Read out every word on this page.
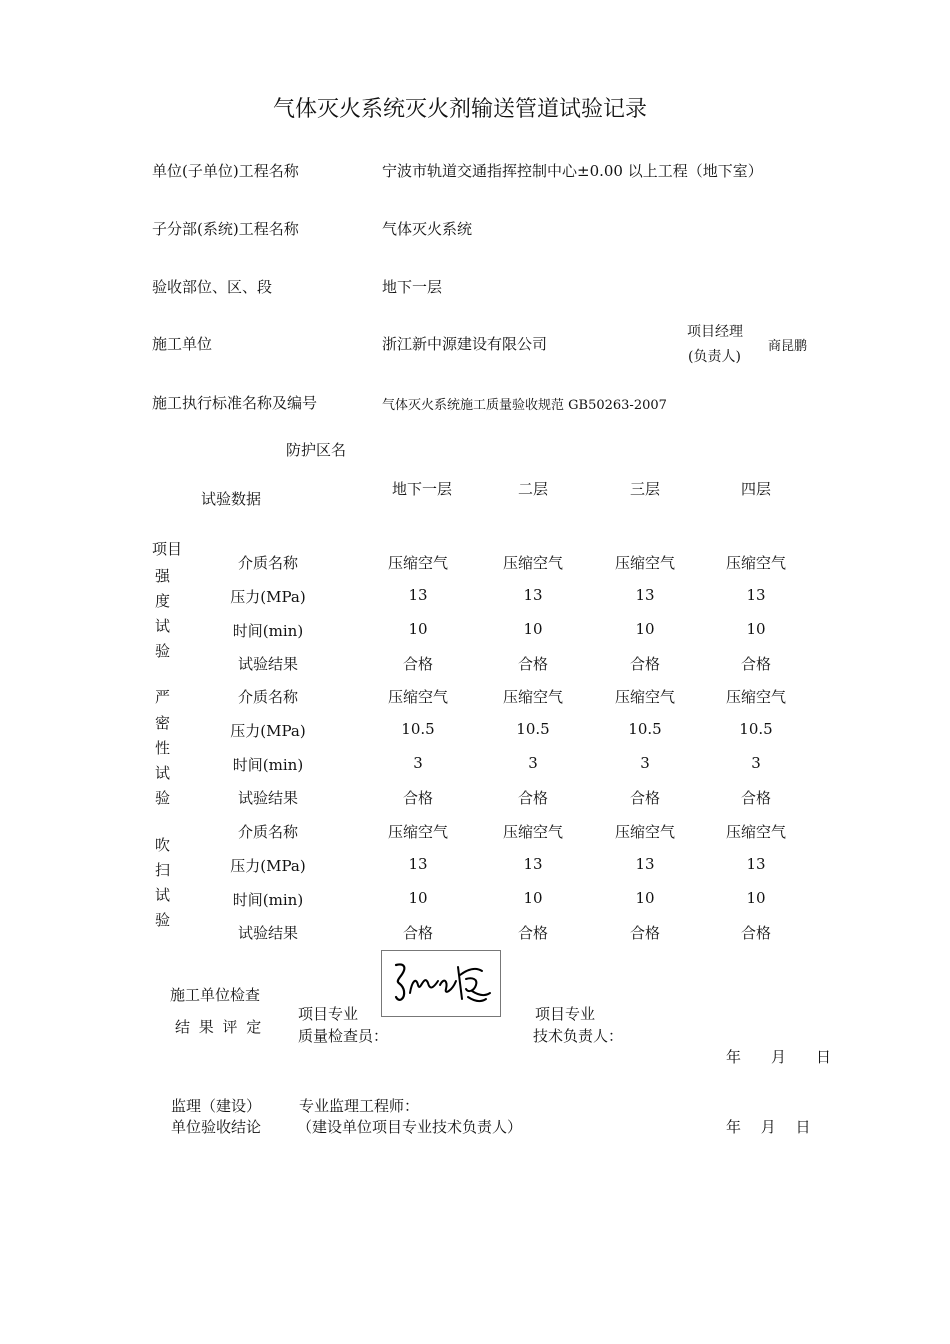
气体灭火系统灭火剂输送管道试验记录
单位(子单位)工程名称	宁波市轨道交通指挥控制中心±0.00 以上工程（地下室）
子分部(系统)工程名称	气体灭火系统
验收部位、区、段	地下一层
施工单位	浙江新中源建设有限公司
项目经理
(负责人)
商昆鹏
施工执行标准名称及编号	气体灭火系统施工质量验收规范 GB50263-2007
防护区名
试验数据
项目
地下一层	二层	三层	四层
强
度
试
验
介质名称	压缩空气	压缩空气	压缩空气	压缩空气
压力(MPa)	13	13	13	13
时间(min)	10	10	10	10
试验结果	合格	合格	合格	合格
严
密
性
试
验
介质名称	压缩空气	压缩空气	压缩空气	压缩空气
压力(MPa)	10.5	10.5	10.5	10.5
时间(min)	3	3	3	3
试验结果	合格	合格	合格	合格
吹
扫
试
验
介质名称	压缩空气	压缩空气	压缩空气	压缩空气
压力(MPa)	13	13	13	13
时间(min)	10	10	10	10
试验结果	合格	合格	合格	合格
施工单位检查
结 果 评 定
项目专业
质量检查员：
项目专业
技术负责人：
年　　月　　日
监理（建设）
单位验收结论
专业监理工程师：
（建设单位项目专业技术负责人）	年　 月　 日
